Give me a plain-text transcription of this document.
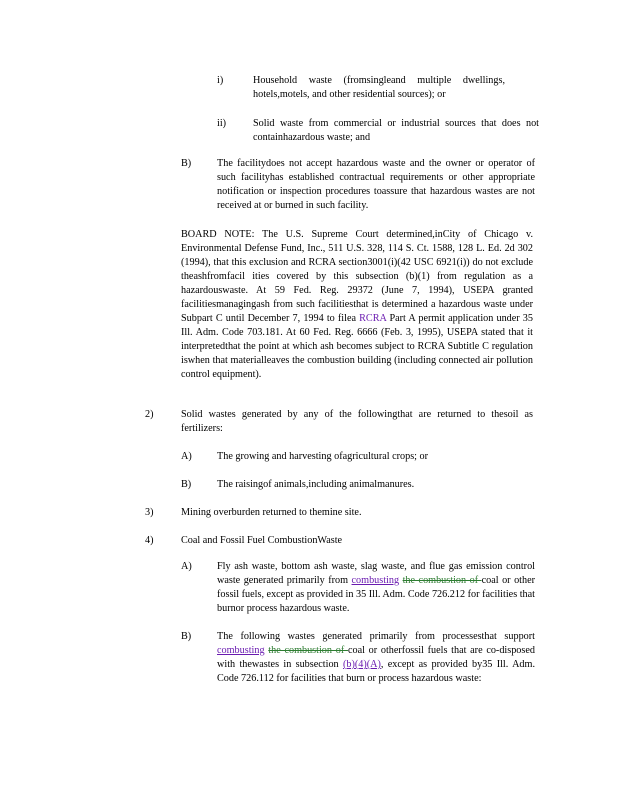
i)	Household waste (fromsingleand multiple dwellings, hotels,motels, and other residential sources); or
ii)	Solid waste from commercial or industrial sources that does not containhazardous waste; and
B)	The facilitydoes not accept hazardous waste and the owner or operator of such facilityhas established contractual requirements or other appropriate notification or inspection procedures toassure that hazardous wastes are not received at or burned in such facility.
BOARD NOTE: The U.S. Supreme Court determined,inCity of Chicago v. Environmental Defense Fund, Inc., 511 U.S. 328, 114 S. Ct. 1588, 128 L. Ed. 2d 302 (1994), that this exclusion and RCRA section3001(i)(42 USC 6921(i)) do not exclude theashfromfacil ities covered by this subsection (b)(1) from regulation as a hazardouswaste. At 59 Fed. Reg. 29372 (June 7, 1994), USEPA granted facilitiesmanagingash from such facilitiesthat is determined a hazardous waste under Subpart C until December 7, 1994 to filea RCRA Part A permit application under 35 Ill. Adm. Code 703.181. At 60 Fed. Reg. 6666 (Feb. 3, 1995), USEPA stated that it interpretedthat the point at which ash becomes subject to RCRA Subtitle C regulation iswhen that materialleaves the combustion building (including connected air pollution control equipment).
2)	Solid wastes generated by any of the followingthat are returned to thesoil as fertilizers:
A) The growing and harvesting ofagricultural crops; or
B)	The raisingof animals,including animalmanures.
3)	Mining overburden returned to themine site.
4)	Coal and Fossil Fuel CombustionWaste
A) Fly ash waste, bottom ash waste, slag waste, and flue gas emission control waste generated primarily from combusting the combustion of coal or other fossil fuels, except as provided in 35 Ill. Adm. Code 726.212 for facilities that burnor process hazardous waste.
B)	The following wastes generated primarily from processesthat support combusting the combustion of coal or otherfossil fuels that are co-disposed with thewastes in subsection (b)(4)(A), except as provided by35 Ill. Adm. Code 726.112 for facilities that burn or process hazardous waste:
